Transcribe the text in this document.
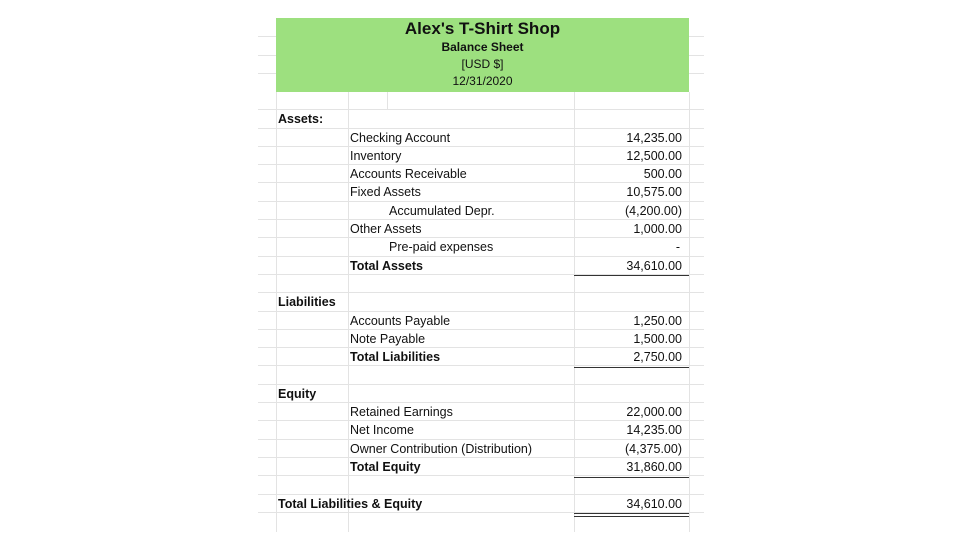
Alex's T-Shirt Shop
Balance Sheet
[USD $]
12/31/2020
Assets:
Checking Account	14,235.00
Inventory	12,500.00
Accounts Receivable	500.00
Fixed Assets	10,575.00
Accumulated Depr.	(4,200.00)
Other Assets	1,000.00
Pre-paid expenses	-
Total Assets	34,610.00
Liabilities
Accounts Payable	1,250.00
Note Payable	1,500.00
Total Liabilities	2,750.00
Equity
Retained Earnings	22,000.00
Net Income	14,235.00
Owner Contribution (Distribution)	(4,375.00)
Total Equity	31,860.00
Total Liabilities & Equity	34,610.00
